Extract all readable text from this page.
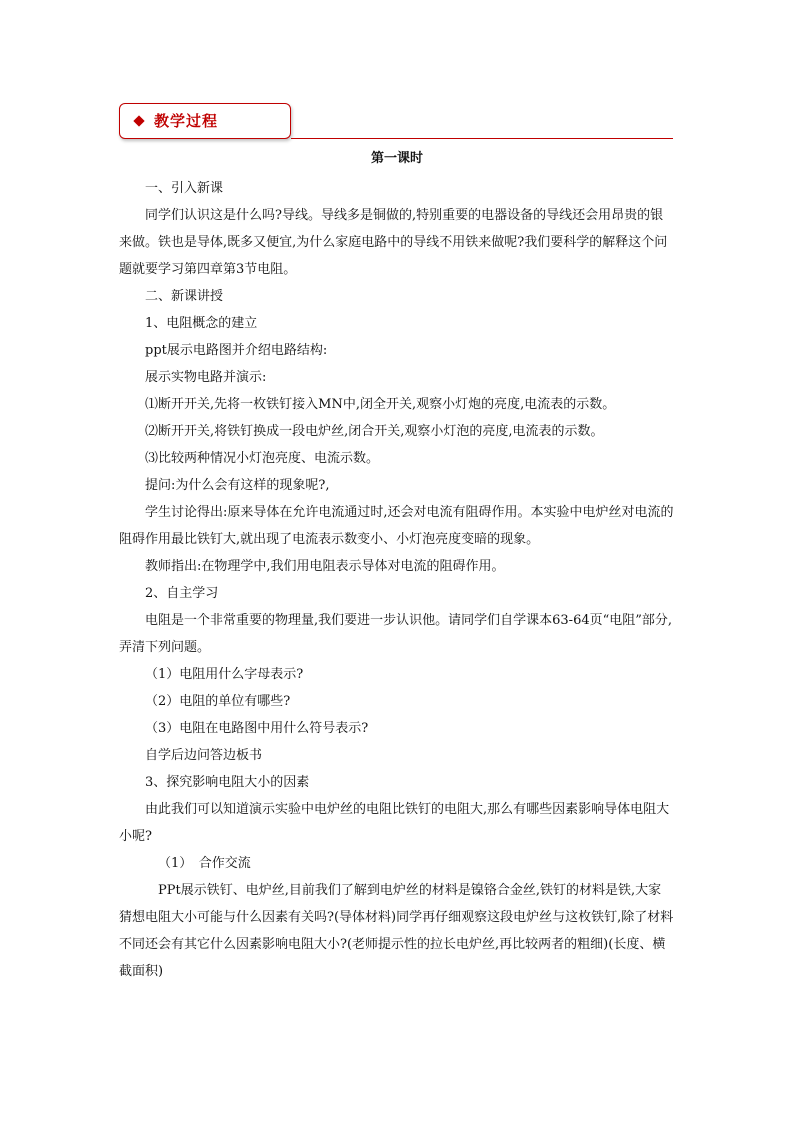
教学过程
第一课时

一、引入新课

同学们认识这是什么吗?导线。导线多是铜做的,特别重要的电器设备的导线还会用昂贵的银来做。铁也是导体,既多又便宜,为什么家庭电路中的导线不用铁来做呢?我们要科学的解释这个问题就要学习第四章第3节电阻。

二、新课讲授

1、电阻概念的建立

ppt展示电路图并介绍电路结构:

展示实物电路并演示:

⑴断开开关,先将一枚铁钉接入MN中,闭全开关,观察小灯炮的亮度,电流表的示数。

⑵断开开关,将铁钉换成一段电炉丝,闭合开关,观察小灯泡的亮度,电流表的示数。

⑶比较两种情况小灯泡亮度、电流示数。

提问:为什么会有这样的现象呢?,

学生讨论得出:原来导体在允许电流通过时,还会对电流有阻碍作用。本实验中电炉丝对电流的阻碍作用最比铁钉大,就出现了电流表示数变小、小灯泡亮度变暗的现象。

教师指出:在物理学中,我们用电阻表示导体对电流的阻碍作用。

2、自主学习

电阻是一个非常重要的物理量,我们要进一步认识他。请同学们自学课本63-64页“电阻”部分,弄清下列问题。

（1）电阻用什么字母表示?

（2）电阻的单位有哪些?

（3）电阻在电路图中用什么符号表示?

自学后边问答边板书

3、探究影响电阻大小的因素

由此我们可以知道演示实验中电炉丝的电阻比铁钉的电阻大,那么有哪些因素影响导体电阻大小呢?

（1）　合作交流

PPt展示铁钉、电炉丝,目前我们了解到电炉丝的材料是镍铬合金丝,铁钉的材料是铁,大家猜想电阻大小可能与什么因素有关吗?(导体材料)同学再仔细观察这段电炉丝与这枚铁钉,除了材料不同还会有其它什么因素影响电阻大小?(老师提示性的拉长电炉丝,再比较两者的粗细)(长度、横截面积)
